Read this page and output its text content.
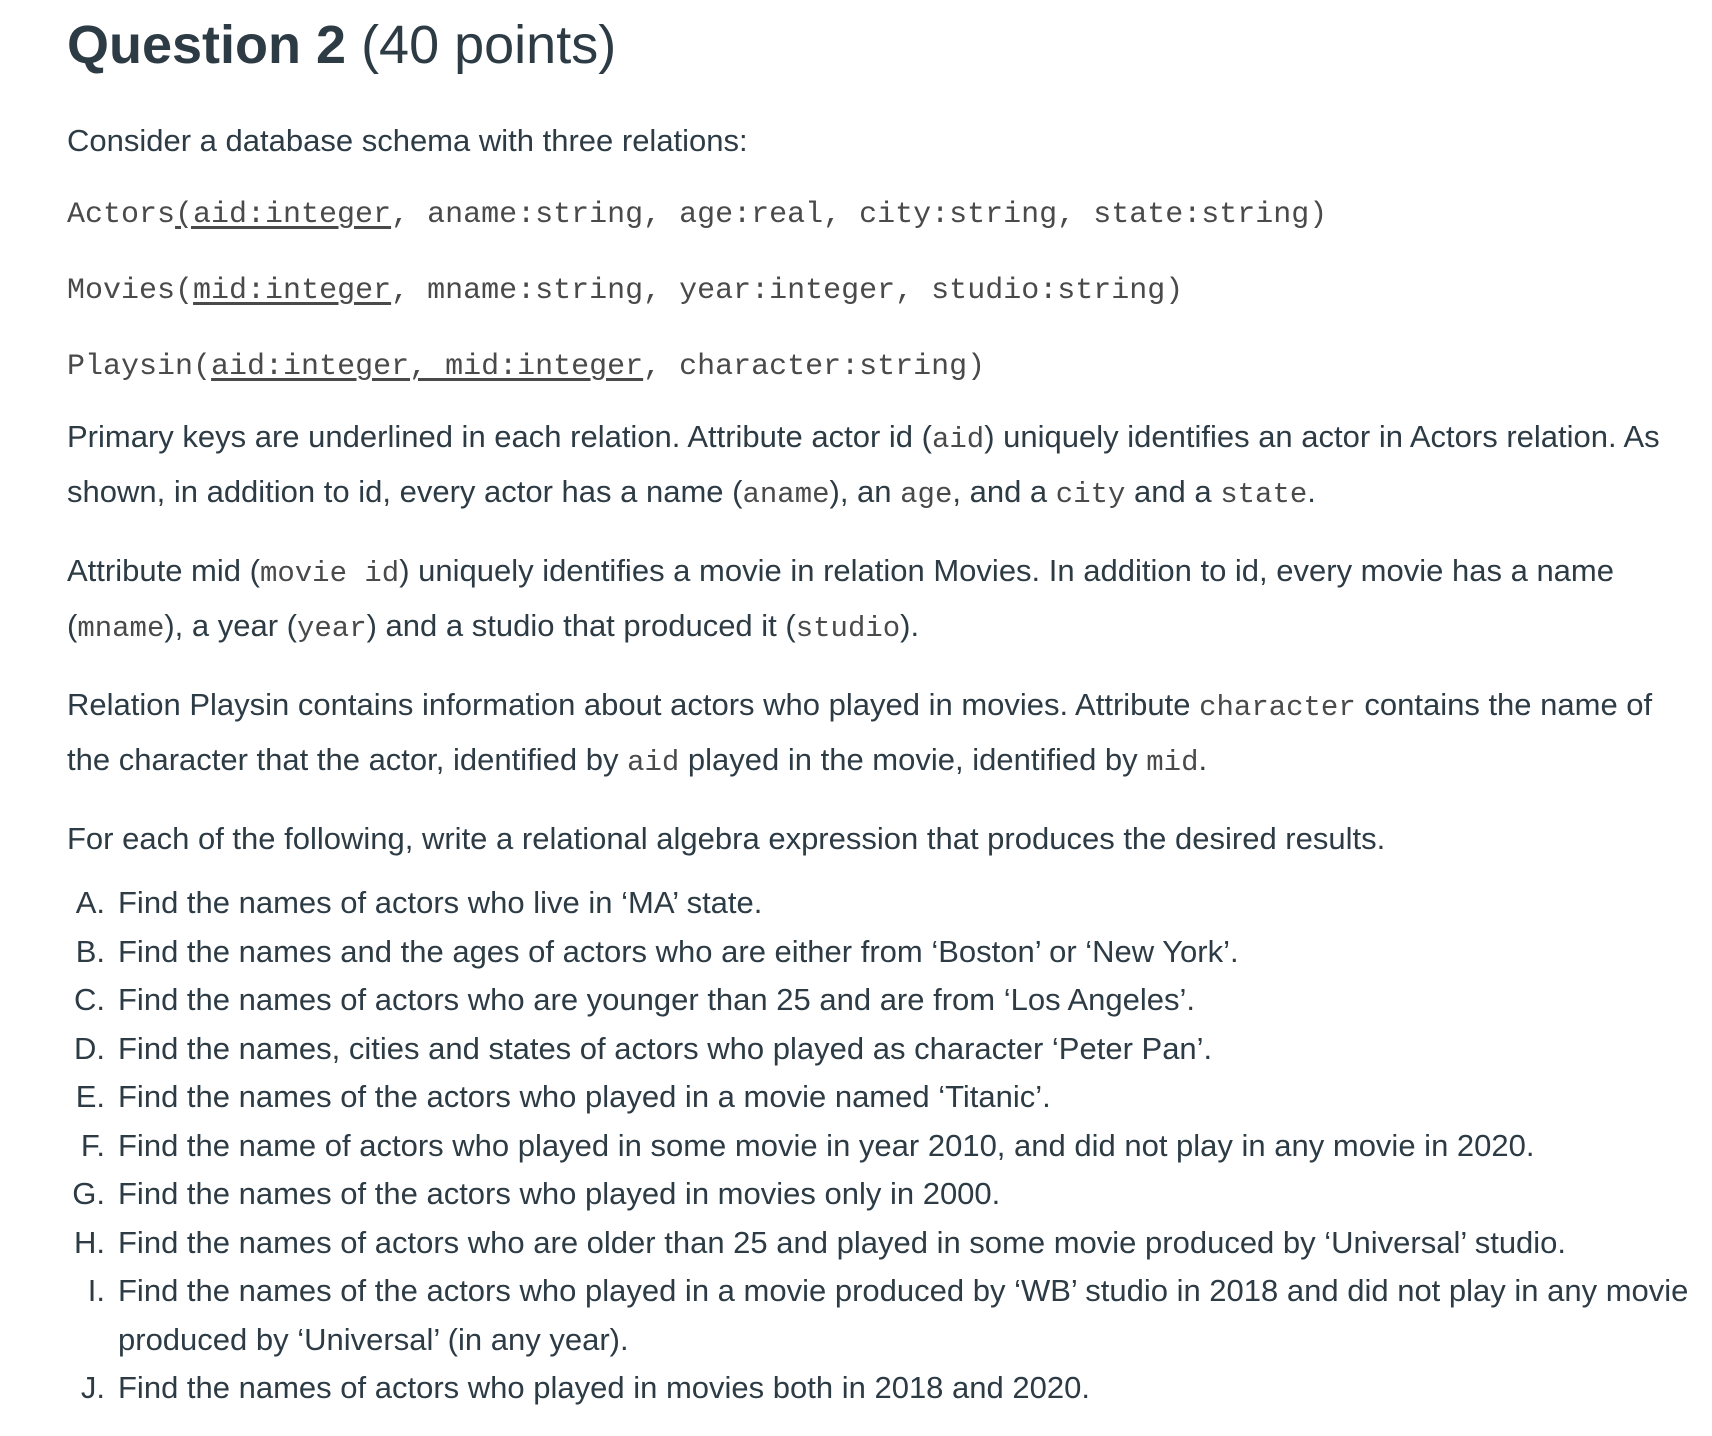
Question 2 (40 points)

Consider a database schema with three relations:

Actors(aid:integer, aname:string, age:real, city:string, state:string)
Movies(mid:integer, mname:string, year:integer, studio:string)
Playsin(aid:integer, mid:integer, character:string)

Primary keys are underlined in each relation. Attribute actor id (aid) uniquely identifies an actor in Actors relation. As shown, in addition to id, every actor has a name (aname), an age, and a city and a state.

Attribute mid (movie id) uniquely identifies a movie in relation Movies. In addition to id, every movie has a name (mname), a year (year) and a studio that produced it (studio).

Relation Playsin contains information about actors who played in movies. Attribute character contains the name of the character that the actor, identified by aid played in the movie, identified by mid.

For each of the following, write a relational algebra expression that produces the desired results.

A. Find the names of actors who live in ‘MA’ state.
B. Find the names and the ages of actors who are either from ‘Boston’ or ‘New York’.
C. Find the names of actors who are younger than 25 and are from ‘Los Angeles’.
D. Find the names, cities and states of actors who played as character ‘Peter Pan’.
E. Find the names of the actors who played in a movie named ‘Titanic’.
F. Find the name of actors who played in some movie in year 2010, and did not play in any movie in 2020.
G. Find the names of the actors who played in movies only in 2000.
H. Find the names of actors who are older than 25 and played in some movie produced by ‘Universal’ studio.
I. Find the names of the actors who played in a movie produced by ‘WB’ studio in 2018 and did not play in any movie produced by ‘Universal’ (in any year).
J. Find the names of actors who played in movies both in 2018 and 2020.
